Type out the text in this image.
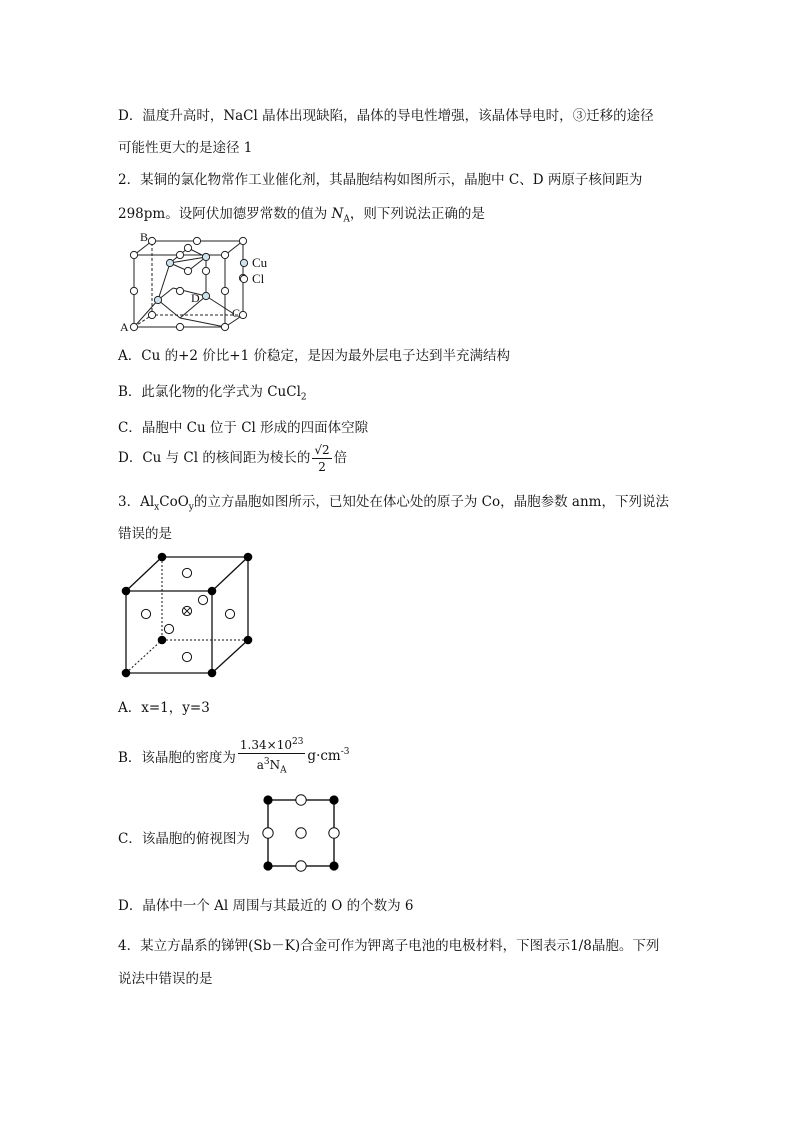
D．温度升高时，NaCl 晶体出现缺陷，晶体的导电性增强，该晶体导电时，③迁移的途径
可能性更大的是途径 1
2．某铜的氯化物常作工业催化剂，其晶胞结构如图所示，晶胞中 C、D 两原子核间距为
298pm。设阿伏加德罗常数的值为 $N_A$，则下列说法正确的是
B
A
D
C
Cu
Cl
A．Cu 的+2 价比+1 价稳定，是因为最外层电子达到半充满结构
B．此氯化物的化学式为 CuCl$_2$
C．晶胞中 Cu 位于 Cl 形成的四面体空隙
D．Cu 与 Cl 的核间距为棱长的 $\frac{√2}{2}$ 倍
3．$Al_xCoO_y$的立方晶胞如图所示，已知处在体心处的原子为 Co，晶胞参数 anm，下列说法
错误的是
A．x=1，y=3
B．该晶胞的密度为 $\frac{1.34\times 10^{23}}{a^3N_A} g\cdot cm^{-3}$
C．该晶胞的俯视图为
D．晶体中一个 Al 周围与其最近的 O 的个数为 6
4．某立方晶系的锑钾(Sb－K)合金可作为钾离子电池的电极材料，下图表示1/8晶胞。下列
说法中错误的是
